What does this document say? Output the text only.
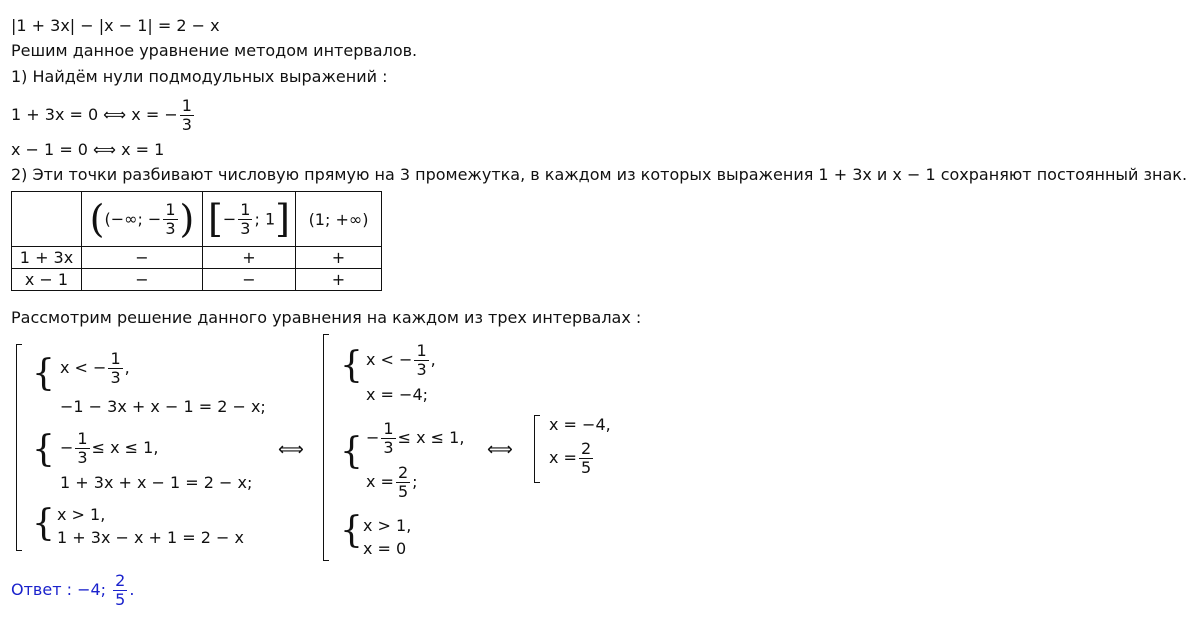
|1 + 3x| − |x − 1| = 2 − x
Решим данное уравнение методом интервалов.
1) Найдём нули подмодульных выражений :
1 + 3x = 0 ⟺ x = − $\frac{1}{3}$
x − 1 = 0 ⟺ x = 1
2) Эти точки разбивают числовую прямую на 3 промежутка, в каждом из которых выражения 1 + 3x и x − 1 сохраняют постоянный знак.
	((−∞; − $\frac{1}{3}$ )	[− $\frac{1}{3}$ ; 1]	(1; +∞)
1 + 3x	−	+	+
x − 1	−	−	+
Рассмотрим решение данного уравнения на каждом из трех интервалах :
{ x < − $\frac{1}{3}$ ,
−1 − 3x + x − 1 = 2 − x;
{ − $\frac{1}{3} \le x \le 1$,
1 + 3x + x − 1 = 2 − x;
{ x > 1,
1 + 3x − x + 1 = 2 − x
⟺
{ x < − $\frac{1}{3}$ ,
x = −4;
{ − $\frac{1}{3} \le x \le 1$,
$x = \frac{2}{5}$ ;
{ x > 1,
x = 0
⟺
x = −4,
$x = \frac{2}{5}$
Ответ : −4; $\frac{2}{5}$ .
